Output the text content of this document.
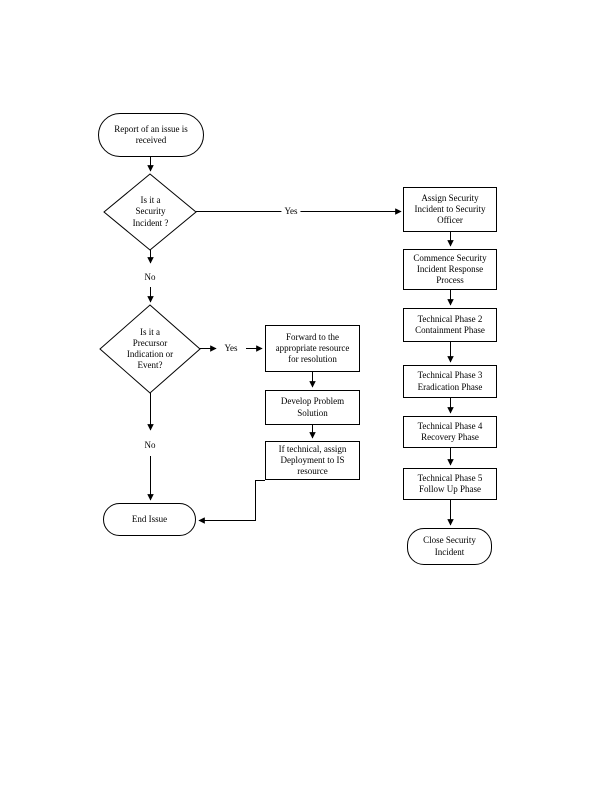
Report of an issue is received
Is it a Security Incident ?
Assign Security Incident to Security Officer
Commence Security Incident Response Process
Technical Phase 2 Containment Phase
Technical Phase 3 Eradication Phase
Technical Phase 4 Recovery Phase
Technical Phase 5 Follow Up Phase
Close Security Incident
Is it a Precursor Indication or Event?
Forward to the appropriate resource for resolution
Develop Problem Solution
If technical, assign Deployment to IS resource
End Issue
Yes
No
Yes
No
